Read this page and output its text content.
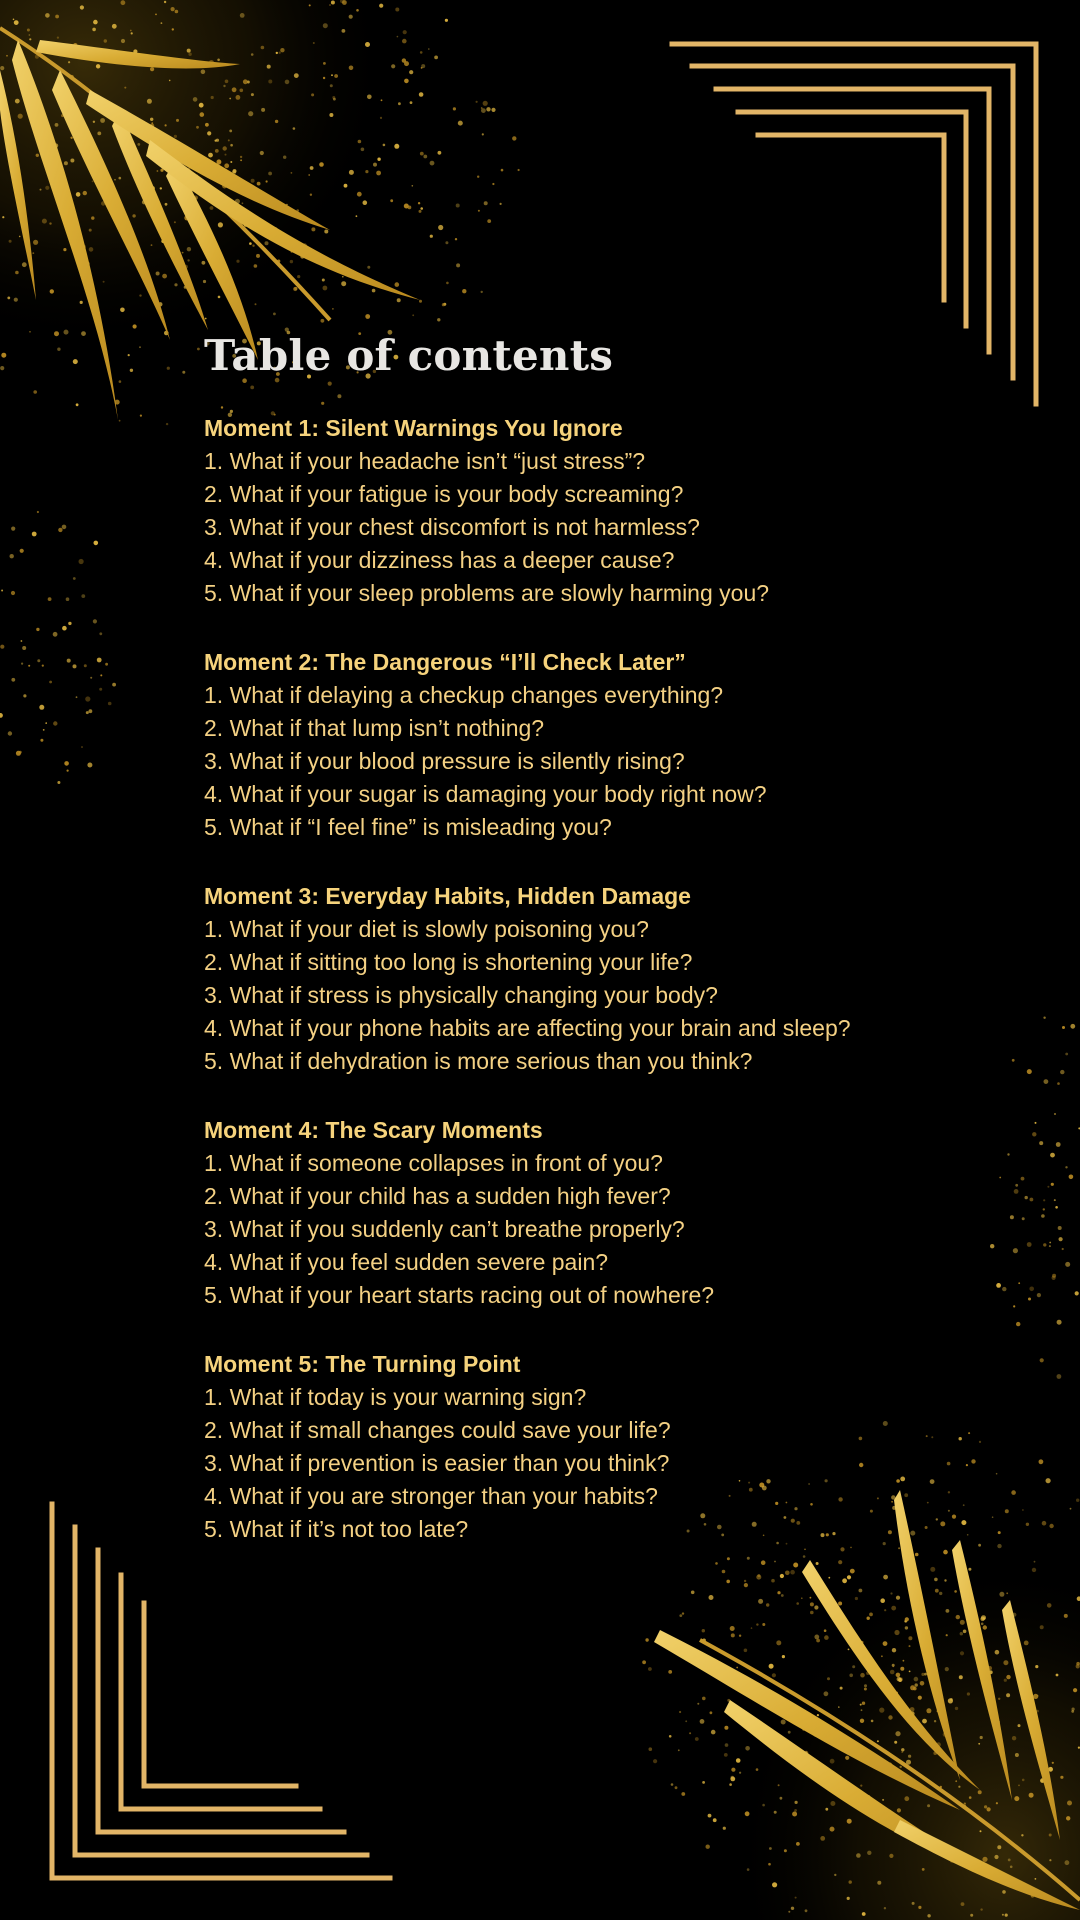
Table of contents
Moment 1: Silent Warnings You Ignore
1. What if your headache isn’t “just stress”?
2. What if your fatigue is your body screaming?
3. What if your chest discomfort is not harmless?
4. What if your dizziness has a deeper cause?
5. What if your sleep problems are slowly harming you?
Moment 2: The Dangerous “I’ll Check Later”
1. What if delaying a checkup changes everything?
2. What if that lump isn’t nothing?
3. What if your blood pressure is silently rising?
4. What if your sugar is damaging your body right now?
5. What if “I feel fine” is misleading you?
Moment 3: Everyday Habits, Hidden Damage
1. What if your diet is slowly poisoning you?
2. What if sitting too long is shortening your life?
3. What if stress is physically changing your body?
4. What if your phone habits are affecting your brain and sleep?
5. What if dehydration is more serious than you think?
Moment 4: The Scary Moments
1. What if someone collapses in front of you?
2. What if your child has a sudden high fever?
3. What if you suddenly can’t breathe properly?
4. What if you feel sudden severe pain?
5. What if your heart starts racing out of nowhere?
Moment 5: The Turning Point
1. What if today is your warning sign?
2. What if small changes could save your life?
3. What if prevention is easier than you think?
4. What if you are stronger than your habits?
5. What if it’s not too late?
